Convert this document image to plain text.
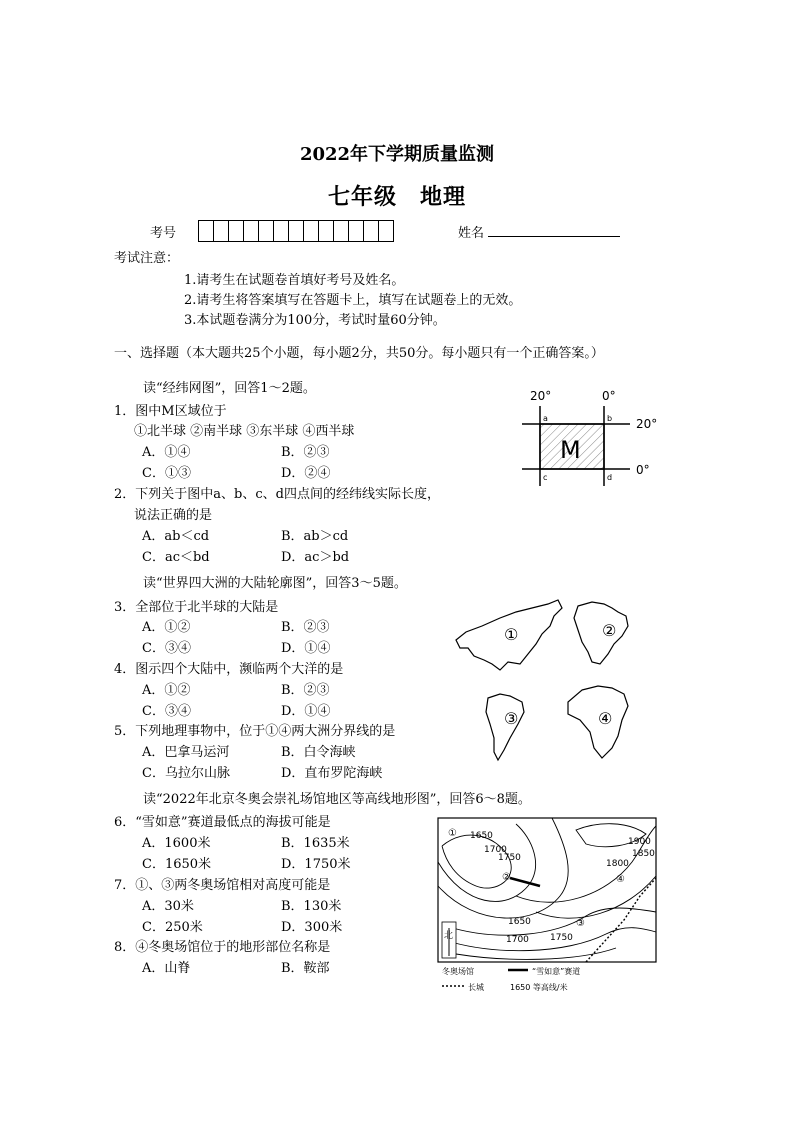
2022年下学期质量监测
七年级　地理
考号	姓名
考试注意：
1.请考生在试题卷首填好考号及姓名。
2.请考生将答案填写在答题卡上，填写在试题卷上的无效。
3.本试题卷满分为100分，考试时量60分钟。
一、选择题（本大题共25个小题，每小题2分，共50分。每小题只有一个正确答案。）
读“经纬网图”，回答1～2题。
1．图中M区域位于
①北半球 ②南半球 ③东半球 ④西半球
A．①④	B．②③
C．①③	D．②④
2．下列关于图中a、b、c、d四点间的经纬线实际长度，
说法正确的是
A．ab＜cd	B．ab＞cd
C．ac＜bd	D．ac＞bd
读“世界四大洲的大陆轮廓图”，回答3～5题。
3．全部位于北半球的大陆是
A．①②	B．②③
C．③④	D．①④
4．图示四个大陆中，濒临两个大洋的是
A．①②	B．②③
C．③④	D．①④
5．下列地理事物中，位于①④两大洲分界线的是
A．巴拿马运河	B．白令海峡
C．乌拉尔山脉	D．直布罗陀海峡
读“2022年北京冬奥会崇礼场馆地区等高线地形图”，回答6～8题。
6．“雪如意”赛道最低点的海拔可能是
A．1600米	B．1635米
C．1650米	D．1750米
7．①、③两冬奥场馆相对高度可能是
A．30米	B．130米
C．250米	D．300米
8．④冬奥场馆位于的地形部位名称是
A．山脊	B．鞍部
20°	0°
20°
0°
M
a	b
c	d
①	②
③	④
1650
1700
1750
1900
1850
1800
1650
1700 1750
①
②
③
④
北
冬奥场馆	“雪如意”赛道
长城	1650 等高线/米
